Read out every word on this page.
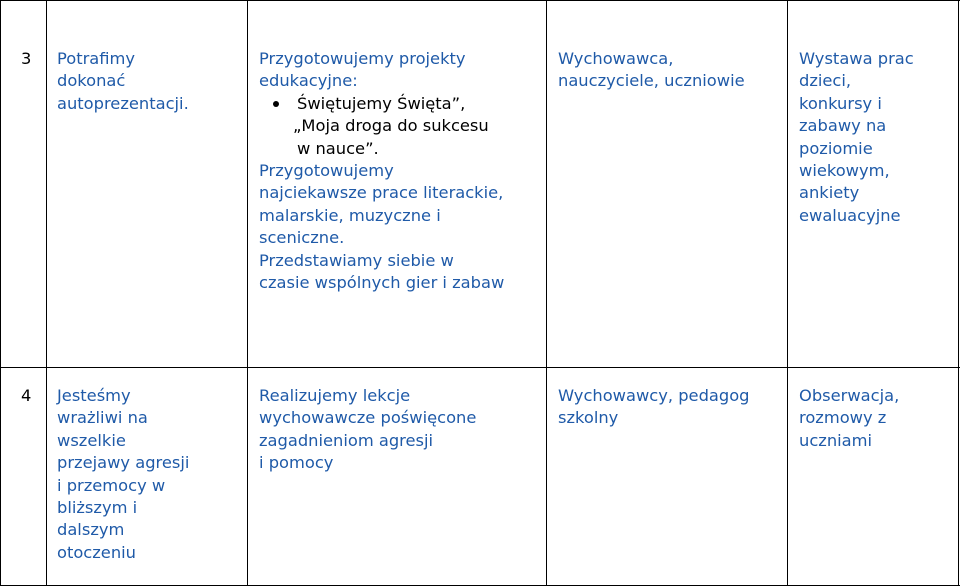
3 Potrafimy
dokonać
autoprezentacji.
Przygotowujemy projekty
edukacyjne:
Świętujemy Święta”,
„Moja droga do sukcesu
w nauce”.
Przygotowujemy
najciekawsze prace literackie,
malarskie, muzyczne i
sceniczne.
Przedstawiamy siebie w
czasie wspólnych gier i zabaw
Wychowawca,
nauczyciele, uczniowie
Wystawa prac
dzieci,
konkursy i
zabawy na
poziomie
wiekowym,
ankiety
ewaluacyjne
4 Jesteśmy
wrażliwi na
wszelkie
przejawy agresji
i przemocy w
bliższym i
dalszym
otoczeniu
Realizujemy lekcje
wychowawcze poświęcone
zagadnieniom agresji
i pomocy
Wychowawcy, pedagog
szkolny
Obserwacja,
rozmowy z
uczniami
